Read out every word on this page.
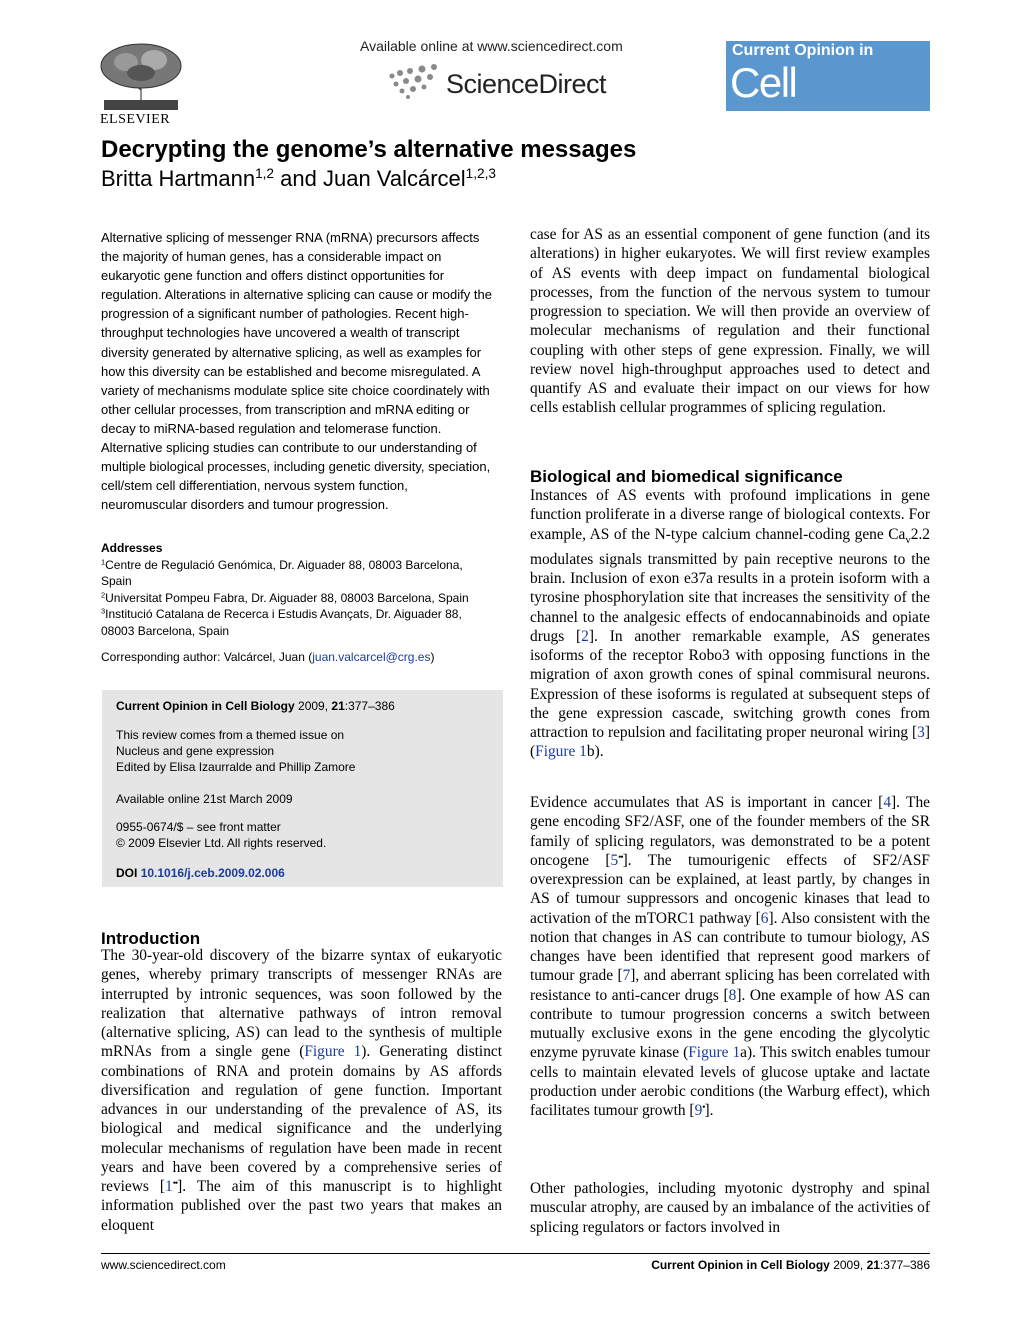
ELSEVIER
Available online at www.sciencedirect.com
ScienceDirect
Current Opinion in
Cell Biology
Decrypting the genome’s alternative messages
Britta Hartmann$^{1,2}$ and Juan Valcárcel$^{1,2,3}$
Alternative splicing of messenger RNA (mRNA) precursors affects the majority of human genes, has a considerable impact on eukaryotic gene function and offers distinct opportunities for regulation. Alterations in alternative splicing can cause or modify the progression of a significant number of pathologies. Recent high-throughput technologies have uncovered a wealth of transcript diversity generated by alternative splicing, as well as examples for how this diversity can be established and become misregulated. A variety of mechanisms modulate splice site choice coordinately with other cellular processes, from transcription and mRNA editing or decay to miRNA-based regulation and telomerase function. Alternative splicing studies can contribute to our understanding of multiple biological processes, including genetic diversity, speciation, cell/stem cell differentiation, nervous system function, neuromuscular disorders and tumour progression.
Addresses
$^1$Centre de Regulació Genómica, Dr. Aiguader 88, 08003 Barcelona, Spain
$^2$Universitat Pompeu Fabra, Dr. Aiguader 88, 08003 Barcelona, Spain
$^3$Institució Catalana de Recerca i Estudis Avançats, Dr. Aiguader 88, 08003 Barcelona, Spain
Corresponding author: Valcárcel, Juan (juan.valcarcel@crg.es)
Current Opinion in Cell Biology 2009, 21:377–386
This review comes from a themed issue on
Nucleus and gene expression
Edited by Elisa Izaurralde and Phillip Zamore
Available online 21st March 2009
0955-0674/$ – see front matter
© 2009 Elsevier Ltd. All rights reserved.
DOI 10.1016/j.ceb.2009.02.006
Introduction
The 30-year-old discovery of the bizarre syntax of eukaryotic genes, whereby primary transcripts of messenger RNAs are interrupted by intronic sequences, was soon followed by the realization that alternative pathways of intron removal (alternative splicing, AS) can lead to the synthesis of multiple mRNAs from a single gene (Figure 1). Generating distinct combinations of RNA and protein domains by AS affords diversification and regulation of gene function. Important advances in our understanding of the prevalence of AS, its biological and medical significance and the underlying molecular mechanisms of regulation have been made in recent years and have been covered by a comprehensive series of reviews [1••]. The aim of this manuscript is to highlight information published over the past two years that makes an eloquent
case for AS as an essential component of gene function (and its alterations) in higher eukaryotes. We will first review examples of AS events with deep impact on fundamental biological processes, from the function of the nervous system to tumour progression to speciation. We will then provide an overview of molecular mechanisms of regulation and their functional coupling with other steps of gene expression. Finally, we will review novel high-throughput approaches used to detect and quantify AS and evaluate their impact on our views for how cells establish cellular programmes of splicing regulation.
Biological and biomedical significance
Instances of AS events with profound implications in gene function proliferate in a diverse range of biological contexts. For example, AS of the N-type calcium channel-coding gene $Ca_v2.2$ modulates signals transmitted by pain receptive neurons to the brain. Inclusion of exon e37a results in a protein isoform with a tyrosine phosphorylation site that increases the sensitivity of the channel to the analgesic effects of endocannabinoids and opiate drugs [2]. In another remarkable example, AS generates isoforms of the receptor Robo3 with opposing functions in the migration of axon growth cones of spinal commisural neurons. Expression of these isoforms is regulated at subsequent steps of the gene expression cascade, switching growth cones from attraction to repulsion and facilitating proper neuronal wiring [3] (Figure 1b).
Evidence accumulates that AS is important in cancer [4]. The gene encoding SF2/ASF, one of the founder members of the SR family of splicing regulators, was demonstrated to be a potent oncogene [5••]. The tumourigenic effects of SF2/ASF overexpression can be explained, at least partly, by changes in AS of tumour suppressors and oncogenic kinases that lead to activation of the mTORC1 pathway [6]. Also consistent with the notion that changes in AS can contribute to tumour biology, AS changes have been identified that represent good markers of tumour grade [7], and aberrant splicing has been correlated with resistance to anti-cancer drugs [8]. One example of how AS can contribute to tumour progression concerns a switch between mutually exclusive exons in the gene encoding the glycolytic enzyme pyruvate kinase (Figure 1a). This switch enables tumour cells to maintain elevated levels of glucose uptake and lactate production under aerobic conditions (the Warburg effect), which facilitates tumour growth [9•].
Other pathologies, including myotonic dystrophy and spinal muscular atrophy, are caused by an imbalance of the activities of splicing regulators or factors involved in
www.sciencedirect.com	Current Opinion in Cell Biology 2009, 21:377–386
